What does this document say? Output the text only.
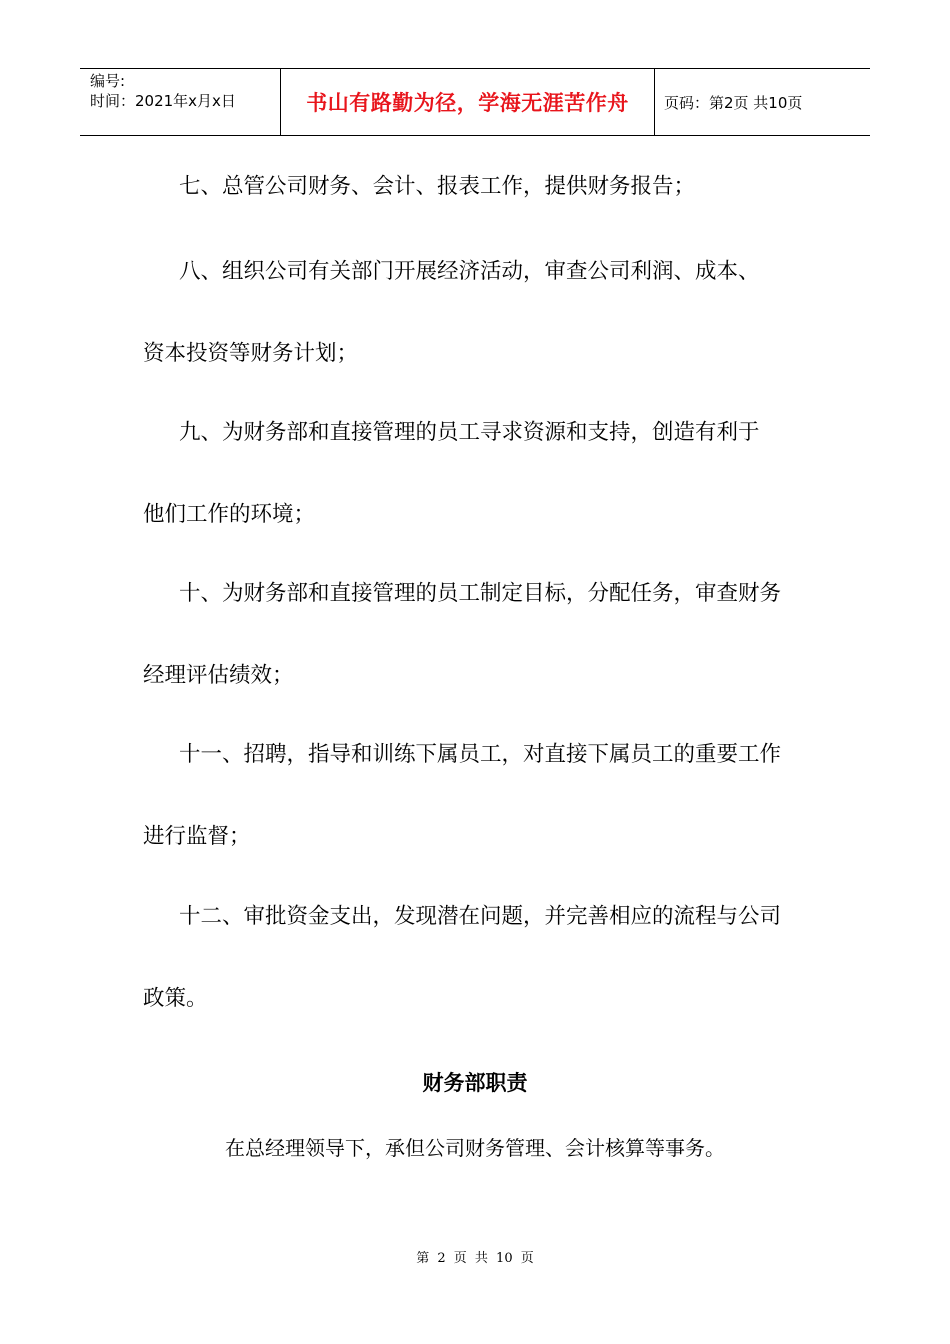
编号:
时间：2021年x月x日	书山有路勤为径，学海无涯苦作舟	页码：第2页 共10页
七、总管公司财务、会计、报表工作，提供财务报告；
八、组织公司有关部门开展经济活动，审查公司利润、成本、
资本投资等财务计划；
九、为财务部和直接管理的员工寻求资源和支持，创造有利于
他们工作的环境；
十、为财务部和直接管理的员工制定目标，分配任务，审查财务
经理评估绩效；
十一、招聘，指导和训练下属员工，对直接下属员工的重要工作
进行监督；
十二、审批资金支出，发现潜在问题，并完善相应的流程与公司
政策。
财务部职责
在总经理领导下，承但公司财务管理、会计核算等事务。
第 2 页 共 10 页
